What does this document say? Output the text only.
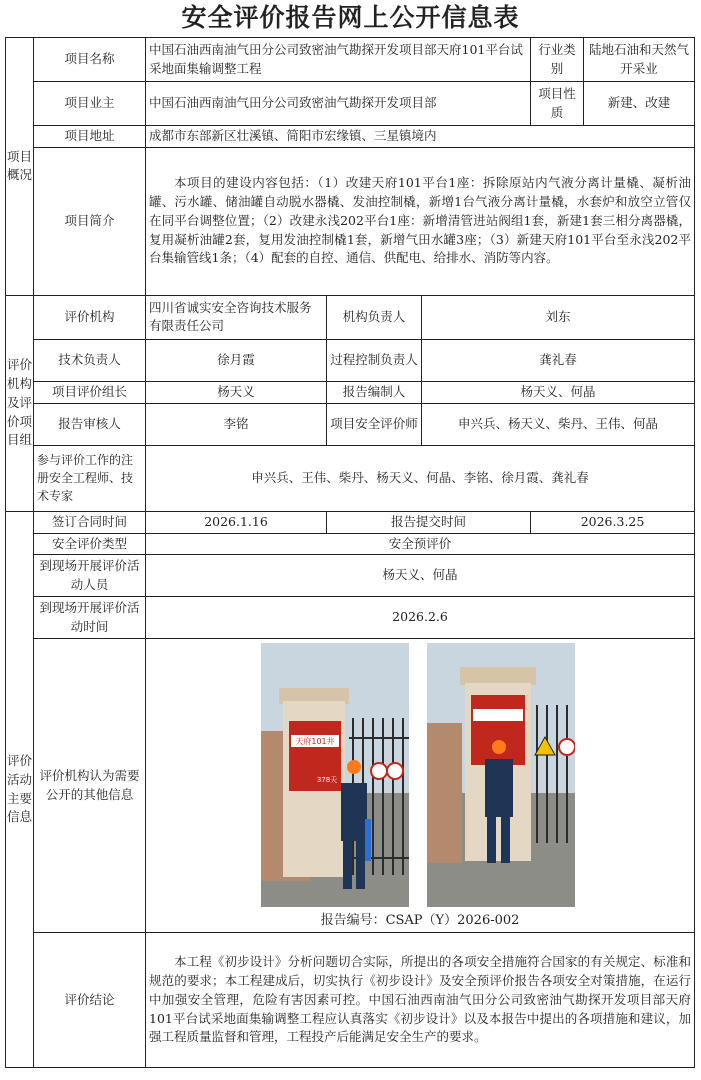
安全评价报告网上公开信息表
项目概况	项目名称	中国石油西南油气田分公司致密油气勘探开发项目部天府101平台试采地面集输调整工程			行业类别	陆地石油和天然气开采业
	项目业主	中国石油西南油气田分公司致密油气勘探开发项目部			项目性质	新建、改建
	项目地址	成都市东部新区壮溪镇、简阳市宏缘镇、三星镇境内				
	项目简介	本项目的建设内容包括：（1）改建天府101平台1座：拆除原站内气液分离计量橇、凝析油罐、污水罐、储油罐自动脱水器橇、发油控制橇，新增1台气液分离计量橇，水套炉和放空立管仅在同平台调整位置；（2）改建永浅202平台1座：新增清管进站阀组1套，新建1套三相分离器橇，复用凝析油罐2套，复用发油控制橇1套，新增气田水罐3座；（3）新建天府101平台至永浅202平台集输管线1条；（4）配套的自控、通信、供配电、给排水、消防等内容。				
评价机构及评价项目组	评价机构	四川省诚实安全咨询技术服务有限责任公司	机构负责人	刘东		
	技术负责人	徐月霞	过程控制负责人	龚礼春		
	项目评价组长	杨天义	报告编制人	杨天义、何晶		
	报告审核人	李铭	项目安全评价师	申兴兵、杨天义、柴丹、王伟、何晶		
	参与评价工作的注册安全工程师、技术专家	申兴兵、王伟、柴丹、杨天义、何晶、李铭、徐月霞、龚礼春				
评价活动主要信息	签订合同时间	2026.1.16	报告提交时间		2026.3.25	
	安全评价类型	安全预评价				
	到现场开展评价活动人员	杨天义、何晶				
	到现场开展评价活动时间	2026.2.6				
	评价机构认为需要公开的其他信息	天府101井
378天
报告编号：CSAP（Y）2026-002				

	评价结论	本工程《初步设计》分析问题切合实际，所提出的各项安全措施符合国家的有关规定、标准和规范的要求；本工程建成后，切实执行《初步设计》及安全预评价报告各项安全对策措施，在运行中加强安全管理，危险有害因素可控。中国石油西南油气田分公司致密油气勘探开发项目部天府101平台试采地面集输调整工程应认真落实《初步设计》以及本报告中提出的各项措施和建议，加强工程质量监督和管理，工程投产后能满足安全生产的要求。				
